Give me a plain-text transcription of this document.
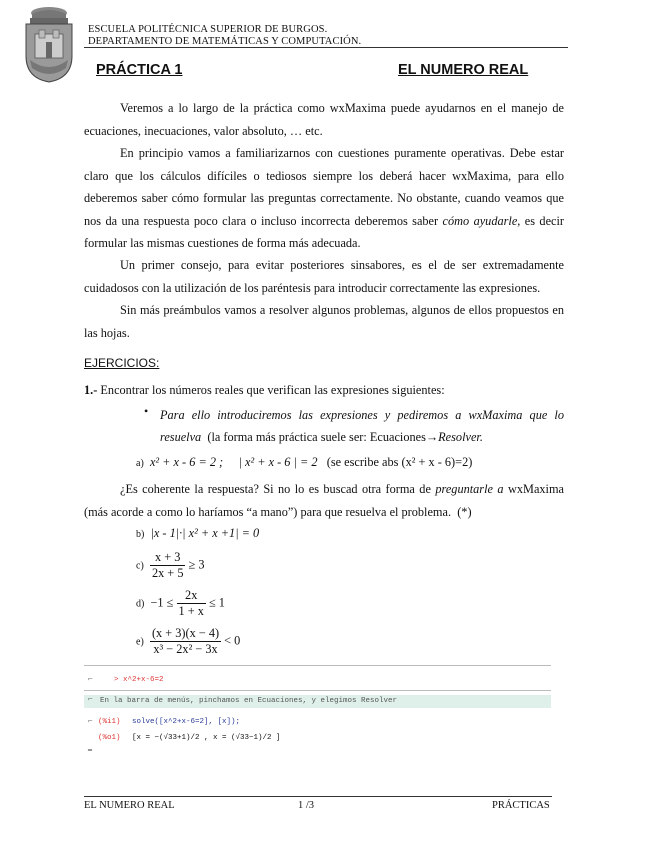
ESCUELA POLITÉCNICA SUPERIOR DE BURGOS.
DEPARTAMENTO DE MATEMÁTICAS Y COMPUTACIÓN.
PRÁCTICA 1	EL NUMERO REAL
Veremos a lo largo de la práctica como wxMaxima puede ayudarnos en el manejo de ecuaciones, inecuaciones, valor absoluto, … etc.
En principio vamos a familiarizarnos con cuestiones puramente operativas. Debe estar claro que los cálculos difíciles o tediosos siempre los deberá hacer wxMaxima, para ello deberemos saber cómo formular las preguntas correctamente. No obstante, cuando veamos que nos da una respuesta poco clara o incluso incorrecta deberemos saber cómo ayudarle, es decir formular las mismas cuestiones de forma más adecuada.
Un primer consejo, para evitar posteriores sinsabores, es el de ser extremadamente cuidadosos con la utilización de los paréntesis para introducir correctamente las expresiones.
Sin más preámbulos vamos a resolver algunos problemas, algunos de ellos propuestos en las hojas.
EJERCICIOS:
1.- Encontrar los números reales que verifican las expresiones siguientes:
• Para ello introduciremos las expresiones y pediremos a wxMaxima que lo resuelva (la forma más práctica suele ser: Ecuaciones→Resolver.
a) x² + x - 6 = 2 ; | x² + x - 6 | = 2 (se escribe abs (x² + x - 6)=2)
¿Es coherente la respuesta? Si no lo es buscad otra forma de preguntarle a wxMaxima (más acorde a como lo haríamos “a mano”) para que resuelva el problema. (*)
b) |x - 1|·| x² + x +1| = 0
$c) \frac{x + 3}{2x + 5} \ge 3$
$d) -1 \le \frac{2x}{1 + x} \le 1$
$e) \frac{(x + 3)(x - 4)}{\text{x³ − 2x² − 3x}} < 0$
⌐	> x^2+x-6=2
⌐ En la barra de menús, pinchamos en Ecuaciones, y elegimos Resolver
⌐ (%i1) solve([x^2+x-6=2], [x]);
(%o1) [x = −(√33+1)/2 , x = (√33−1)/2 ]
‗
EL NUMERO REAL	1 /3	PRÁCTICAS
